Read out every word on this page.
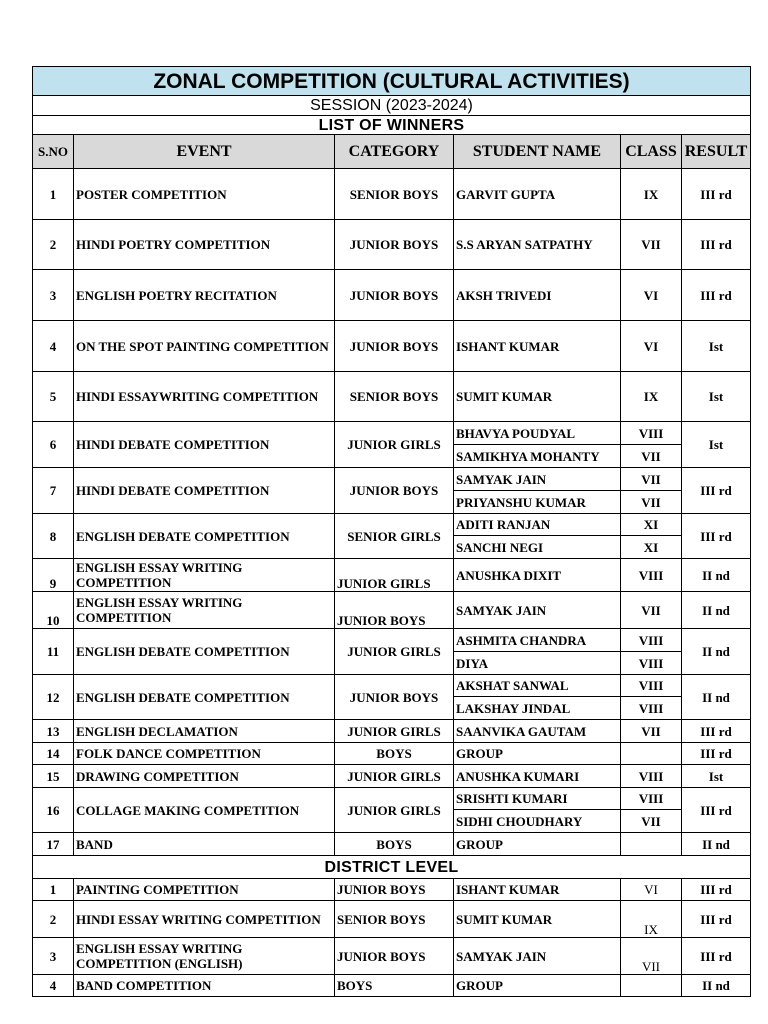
ZONAL COMPETITION (CULTURAL ACTIVITIES)					
SESSION (2023-2024)					
LIST OF WINNERS					
S.NO	EVENT	CATEGORY	STUDENT NAME	CLASS	RESULT
1	POSTER COMPETITION	SENIOR BOYS	GARVIT GUPTA	IX	III rd
2	HINDI POETRY COMPETITION	JUNIOR BOYS	S.S ARYAN SATPATHY	VII	III rd
3	ENGLISH POETRY RECITATION	JUNIOR BOYS	AKSH TRIVEDI	VI	III rd
4	ON THE SPOT PAINTING COMPETITION	JUNIOR BOYS	ISHANT KUMAR	VI	Ist
5	HINDI ESSAYWRITING COMPETITION	SENIOR BOYS	SUMIT KUMAR	IX	Ist
6	HINDI DEBATE COMPETITION	JUNIOR GIRLS	BHAVYA POUDYAL	VIII	Ist
			SAMIKHYA MOHANTY	VII	
7	HINDI DEBATE COMPETITION	JUNIOR BOYS	SAMYAK JAIN	VII	III rd
			PRIYANSHU KUMAR	VII	
8	ENGLISH DEBATE COMPETITION	SENIOR GIRLS	ADITI RANJAN	XI	III rd
			SANCHI NEGI	XI	
9	ENGLISH ESSAY WRITING COMPETITION	JUNIOR GIRLS	ANUSHKA DIXIT	VIII	II nd
10	ENGLISH ESSAY WRITING COMPETITION	JUNIOR BOYS	SAMYAK JAIN	VII	II nd
11	ENGLISH DEBATE COMPETITION	JUNIOR GIRLS	ASHMITA CHANDRA	VIII	II nd
			DIYA	VIII	
12	ENGLISH DEBATE COMPETITION	JUNIOR BOYS	AKSHAT SANWAL	VIII	II nd
			LAKSHAY JINDAL	VIII	
13	ENGLISH DECLAMATION	JUNIOR GIRLS	SAANVIKA GAUTAM	VII	III rd
14	FOLK DANCE COMPETITION	BOYS	GROUP		III rd
15	DRAWING COMPETITION	JUNIOR GIRLS	ANUSHKA KUMARI	VIII	Ist
16	COLLAGE MAKING COMPETITION	JUNIOR GIRLS	SRISHTI KUMARI	VIII	III rd
			SIDHI CHOUDHARY	VII	
17	BAND	BOYS	GROUP		II nd
DISTRICT LEVEL					
1	PAINTING COMPETITION	JUNIOR BOYS	ISHANT KUMAR	VI	III rd
2	HINDI ESSAY WRITING COMPETITION	SENIOR BOYS	SUMIT KUMAR	IX	III rd
3	ENGLISH ESSAY WRITING COMPETITION (ENGLISH)	JUNIOR BOYS	SAMYAK JAIN	VII	III rd
4	BAND COMPETITION	BOYS	GROUP		II nd
